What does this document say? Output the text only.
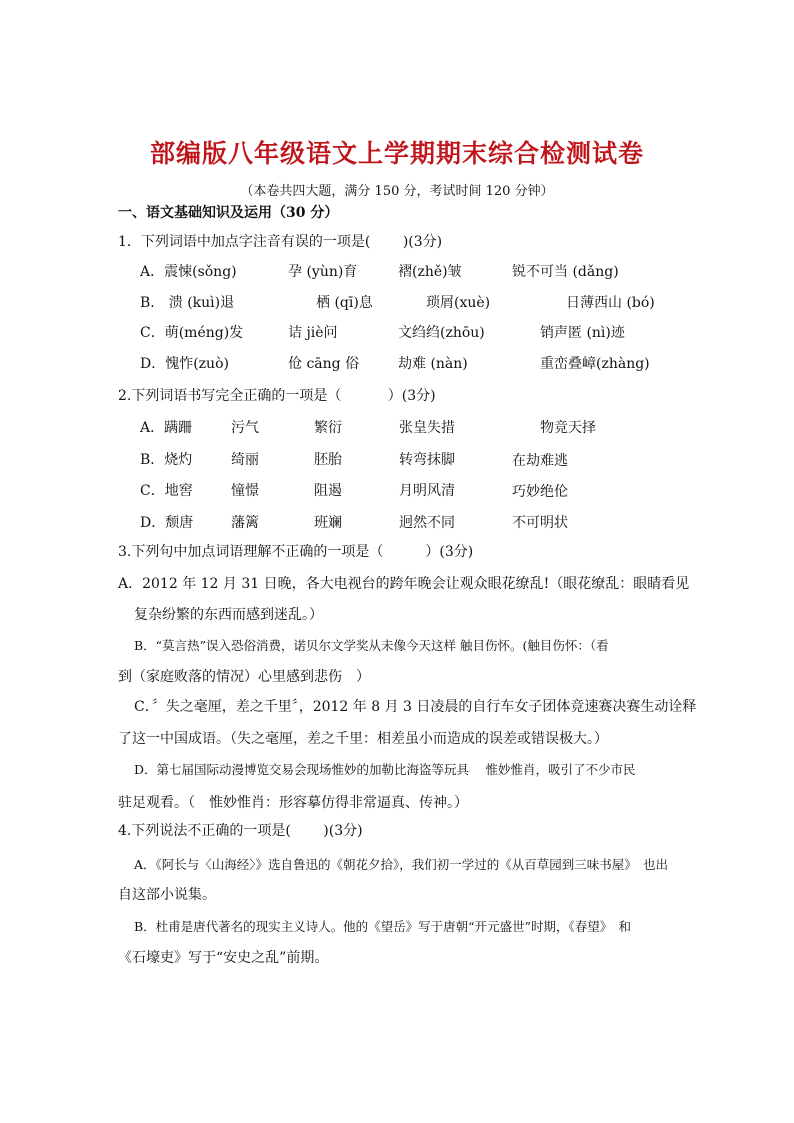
部编版八年级语文上学期期末综合检测试卷
（本卷共四大题，满分 150 分，考试时间 120 分钟）
一、语文基础知识及运用（30 分）
1．下列词语中加点字注音有误的一项是(　　 )(3分)
A．震悚(sǒng)	孕 (yùn)育	褶(zhě)皱	锐不可当 (dǎng)
B． 溃 (kuì)退	栖 (qī)息	琐屑(xuè)	日薄西山 (bó)
C．萌(méng)发	诘 jiè问	文绉绉(zhōu)	销声匿 (nì)迹
D．愧怍(zuò)	伧 cāng 俗	劫难 (nàn)	重峦叠嶂(zhàng)
2.下列词语书写完全正确的一项是（　　　 ）(3分)
A．蹒跚	污气	繁衍	张皇失措	物竞天择
B．烧灼	绮丽	胚胎	转弯抹脚	在劫难逃
C．地窖	憧憬	阻遏	月明风清	巧妙绝伦
D．颓唐	藩篱	班斓	迥然不同	不可明状
3.下列句中加点词语理解不正确的一项是（　　　）(3分)
A．2012 年 12 月 31 日晚，各大电视台的跨年晚会让观众眼花缭乱!（眼花缭乱：眼睛看见
复杂纷繁的东西而感到迷乱。）
B．“莫言热”误入恐俗消费，诺贝尔文学奖从未像今天这样 触目伤怀。(触目伤怀：（看
到（家庭败落的情况）心里感到悲伤　）
C．〞失之毫厘，差之千里〞，2012 年 8 月 3 日凌晨的自行车女子团体竞速赛决赛生动诠释
了这一中国成语。（失之毫厘，差之千里：相差虽小而造成的误差或错误极大。）
D．第七届国际动漫博览交易会现场惟妙的加勒比海盗等玩具　 惟妙惟肖，吸引了不少市民
驻足观看。（　惟妙惟肖：形容摹仿得非常逼真、传神。）
4.下列说法不正确的一项是(　　 )(3分)
A．《阿长与〈山海经〉》选自鲁迅的《朝花夕拾》，我们初一学过的《从百草园到三味书屋》　也出
自这部小说集。
B．杜甫是唐代著名的现实主义诗人。他的《望岳》写于唐朝“开元盛世”时期，《春望》　和
《石壕吏》写于“安史之乱”前期。
